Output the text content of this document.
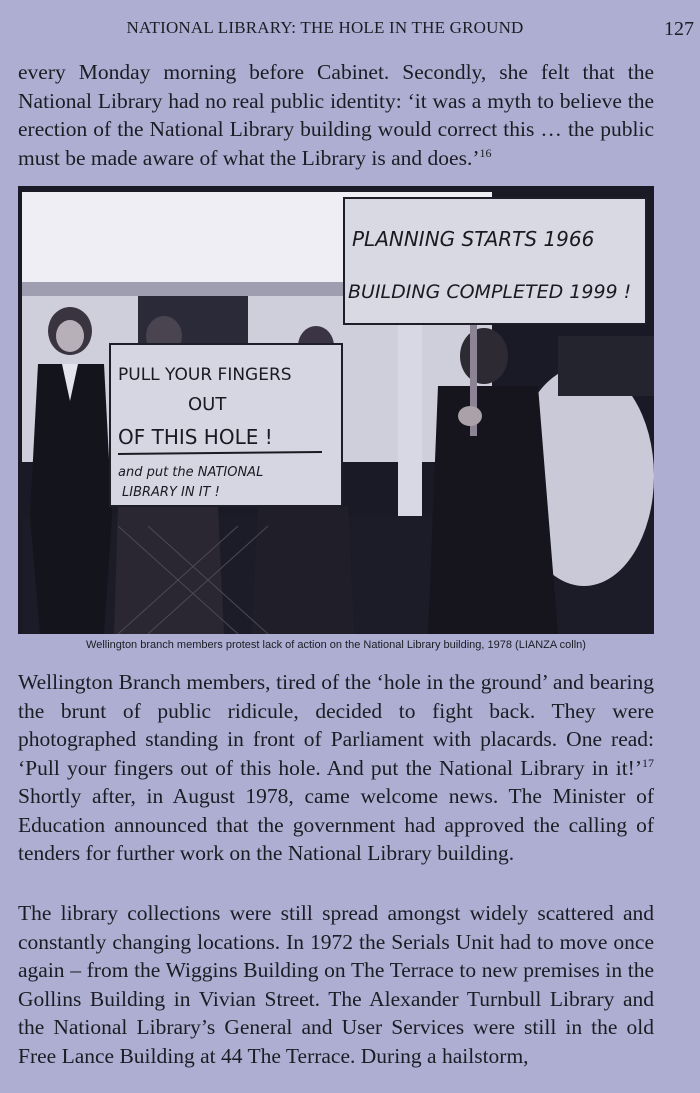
NATIONAL LIBRARY: THE HOLE IN THE GROUND	127

every Monday morning before Cabinet. Secondly, she felt that the National Library had no real public identity: ‘it was a myth to believe the erection of the National Library building would correct this … the public must be made aware of what the Library is and does.’$^{16}$

PLANNING STARTS 1966
BUILDING COMPLETED 1999 !
PULL YOUR FINGERS
OUT
OF THIS HOLE !
and put the NATIONAL
LIBRARY IN IT !
Wellington branch members protest lack of action on the National Library building, 1978 (LIANZA colln)

Wellington Branch members, tired of the ‘hole in the ground’ and bearing the brunt of public ridicule, decided to fight back. They were photographed standing in front of Parliament with placards. One read: ‘Pull your fingers out of this hole. And put the National Library in it!’$^{17}$ Shortly after, in August 1978, came welcome news. The Minister of Education announced that the government had approved the calling of tenders for further work on the National Library building.

The library collections were still spread amongst widely scattered and constantly changing locations. In 1972 the Serials Unit had to move once again – from the Wiggins Building on The Terrace to new premises in the Gollins Building in Vivian Street. The Alexander Turnbull Library and the National Library’s General and User Services were still in the old Free Lance Building at 44 The Terrace. During a hailstorm,
